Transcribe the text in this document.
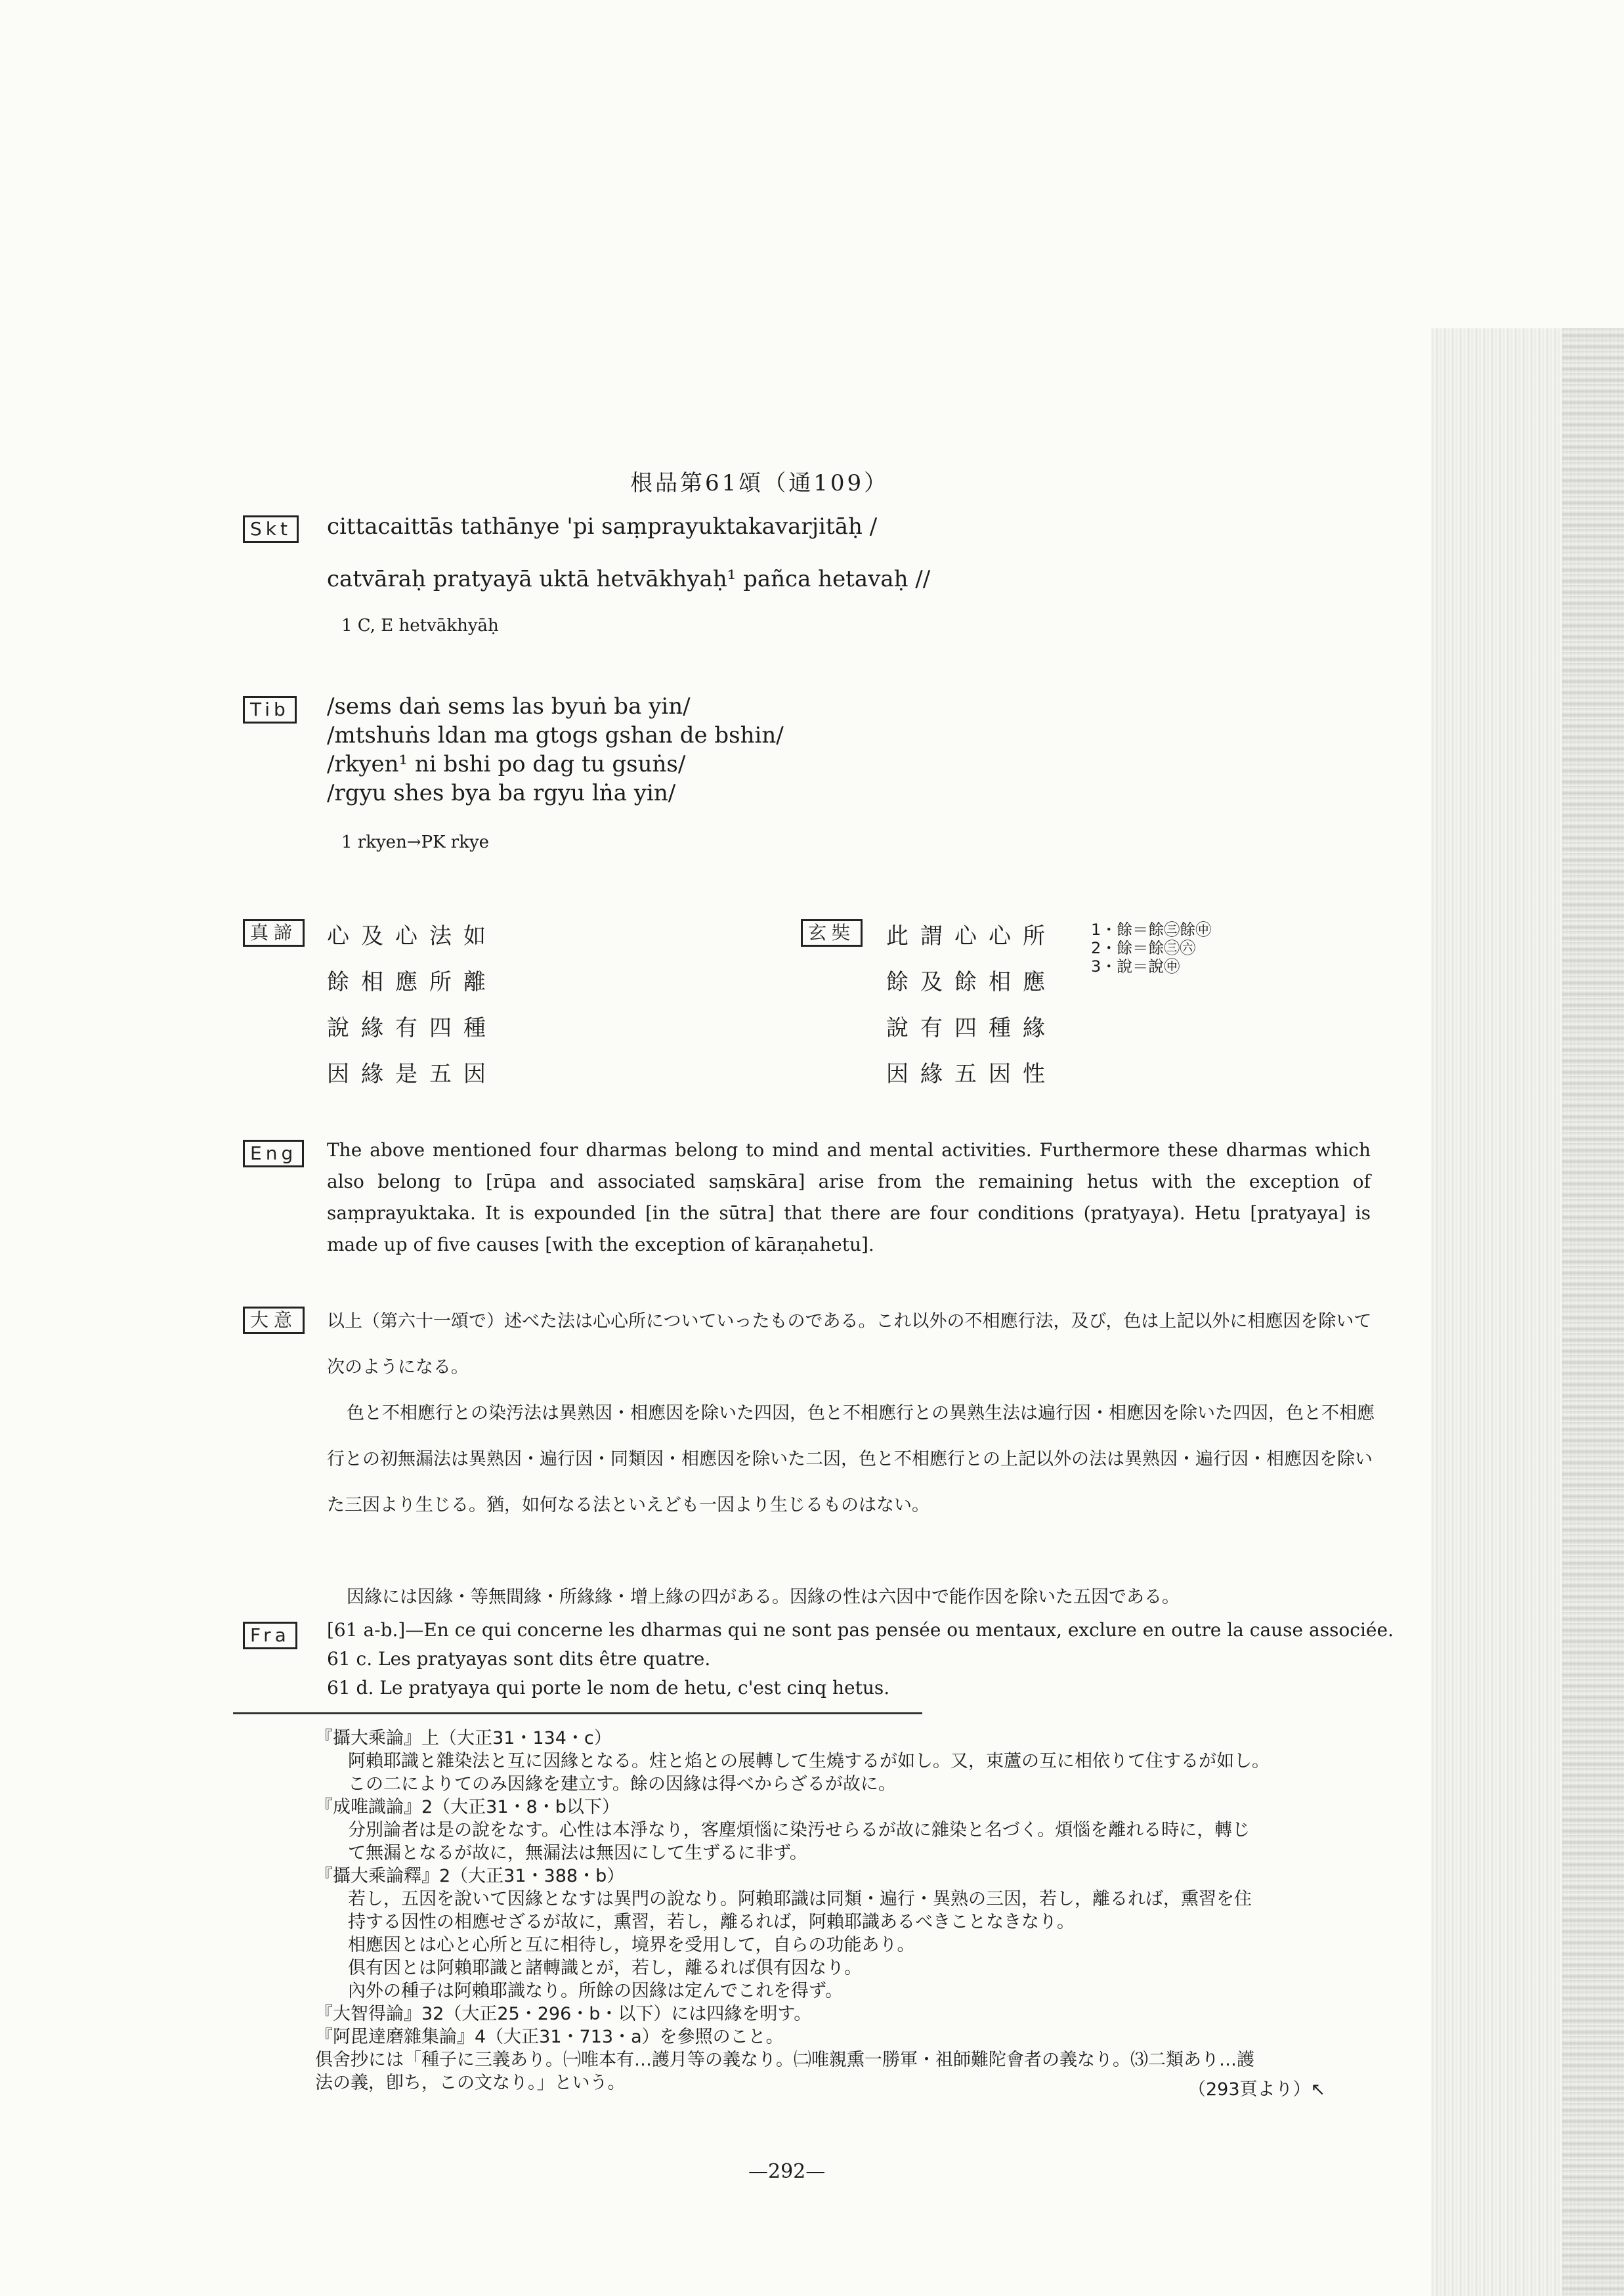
根品第61頌（通109）
Skt	cittacaittās tathānye 'pi saṃprayuktakavarjitāḥ /
catvāraḥ pratyayā uktā hetvākhyaḥ¹ pañca hetavaḥ //
1 C, E hetvākhyāḥ
Tib	/sems daṅ sems las byuṅ ba yin/
/mtshuṅs ldan ma gtogs gshan de bshin/
/rkyen¹ ni bshi po dag tu gsuṅs/
/rgyu shes bya ba rgyu lṅa yin/
1 rkyen→PK rkye
真諦	心及心法如
餘相應所離
說緣有四種
因緣是五因
玄奘	此謂心心所
餘及餘相應
說有四種緣
因緣五因性
1・餘＝餘㊂餘㊥
2・餘＝餘㊂㊅
3・說＝說㊥
Eng	The above mentioned four dharmas belong to mind and mental activities. Furthermore these dharmas which also belong to [rūpa and associated saṃskāra] arise from the remaining hetus with the exception of saṃprayuktaka. It is expounded [in the sūtra] that there are four conditions (pratyaya). Hetu [pratyaya] is made up of five causes [with the exception of kāraṇahetu].
大意	以上（第六十一頌で）述べた法は心心所についていったものである。これ以外の不相應行法，及び，色は上記以外に相應因を除いて次のようになる。
色と不相應行との染汚法は異熟因・相應因を除いた四因，色と不相應行との異熟生法は遍行因・相應因を除いた四因，色と不相應行との初無漏法は異熟因・遍行因・同類因・相應因を除いた二因，色と不相應行との上記以外の法は異熟因・遍行因・相應因を除いた三因より生じる。猶，如何なる法といえども一因より生じるものはない。
因緣には因緣・等無間緣・所緣緣・增上緣の四がある。因緣の性は六因中で能作因を除いた五因である。
Fra	[61 a-b.]—En ce qui concerne les dharmas qui ne sont pas pensée ou mentaux, exclure en outre la cause associée.
61 c. Les pratyayas sont dits être quatre.
61 d. Le pratyaya qui porte le nom de hetu, c'est cinq hetus.
『攝大乘論』上（大正31・134・c）
阿賴耶識と雜染法と互に因緣となる。炷と焰との展轉して生燒するが如し。又，束蘆の互に相依りて住するが如し。
この二によりてのみ因緣を建立す。餘の因緣は得べからざるが故に。
『成唯識論』2（大正31・8・b以下）
分別論者は是の說をなす。心性は本淨なり，客塵煩惱に染汚せらるが故に雜染と名づく。煩惱を離れる時に，轉じ
て無漏となるが故に，無漏法は無因にして生ずるに非ず。
『攝大乘論釋』2（大正31・388・b）
若し，五因を說いて因緣となすは異門の說なり。阿賴耶識は同類・遍行・異熟の三因，若し，離るれば，熏習を住
持する因性の相應せざるが故に，熏習，若し，離るれば，阿賴耶識あるべきことなきなり。
相應因とは心と心所と互に相待し，境界を受用して，自らの功能あり。
俱有因とは阿賴耶識と諸轉識とが，若し，離るれば俱有因なり。
內外の種子は阿賴耶識なり。所餘の因緣は定んでこれを得ず。
『大智得論』32（大正25・296・b・以下）には四緣を明す。
『阿毘達磨雜集論』4（大正31・713・a）を參照のこと。
俱舍抄には「種子に三義あり。㈠唯本有…護月等の義なり。㈡唯親熏一勝軍・祖師難陀會者の義なり。⑶二類あり…護
法の義，卽ち，この文なり。」という。	（293頁より）↖
—292—
